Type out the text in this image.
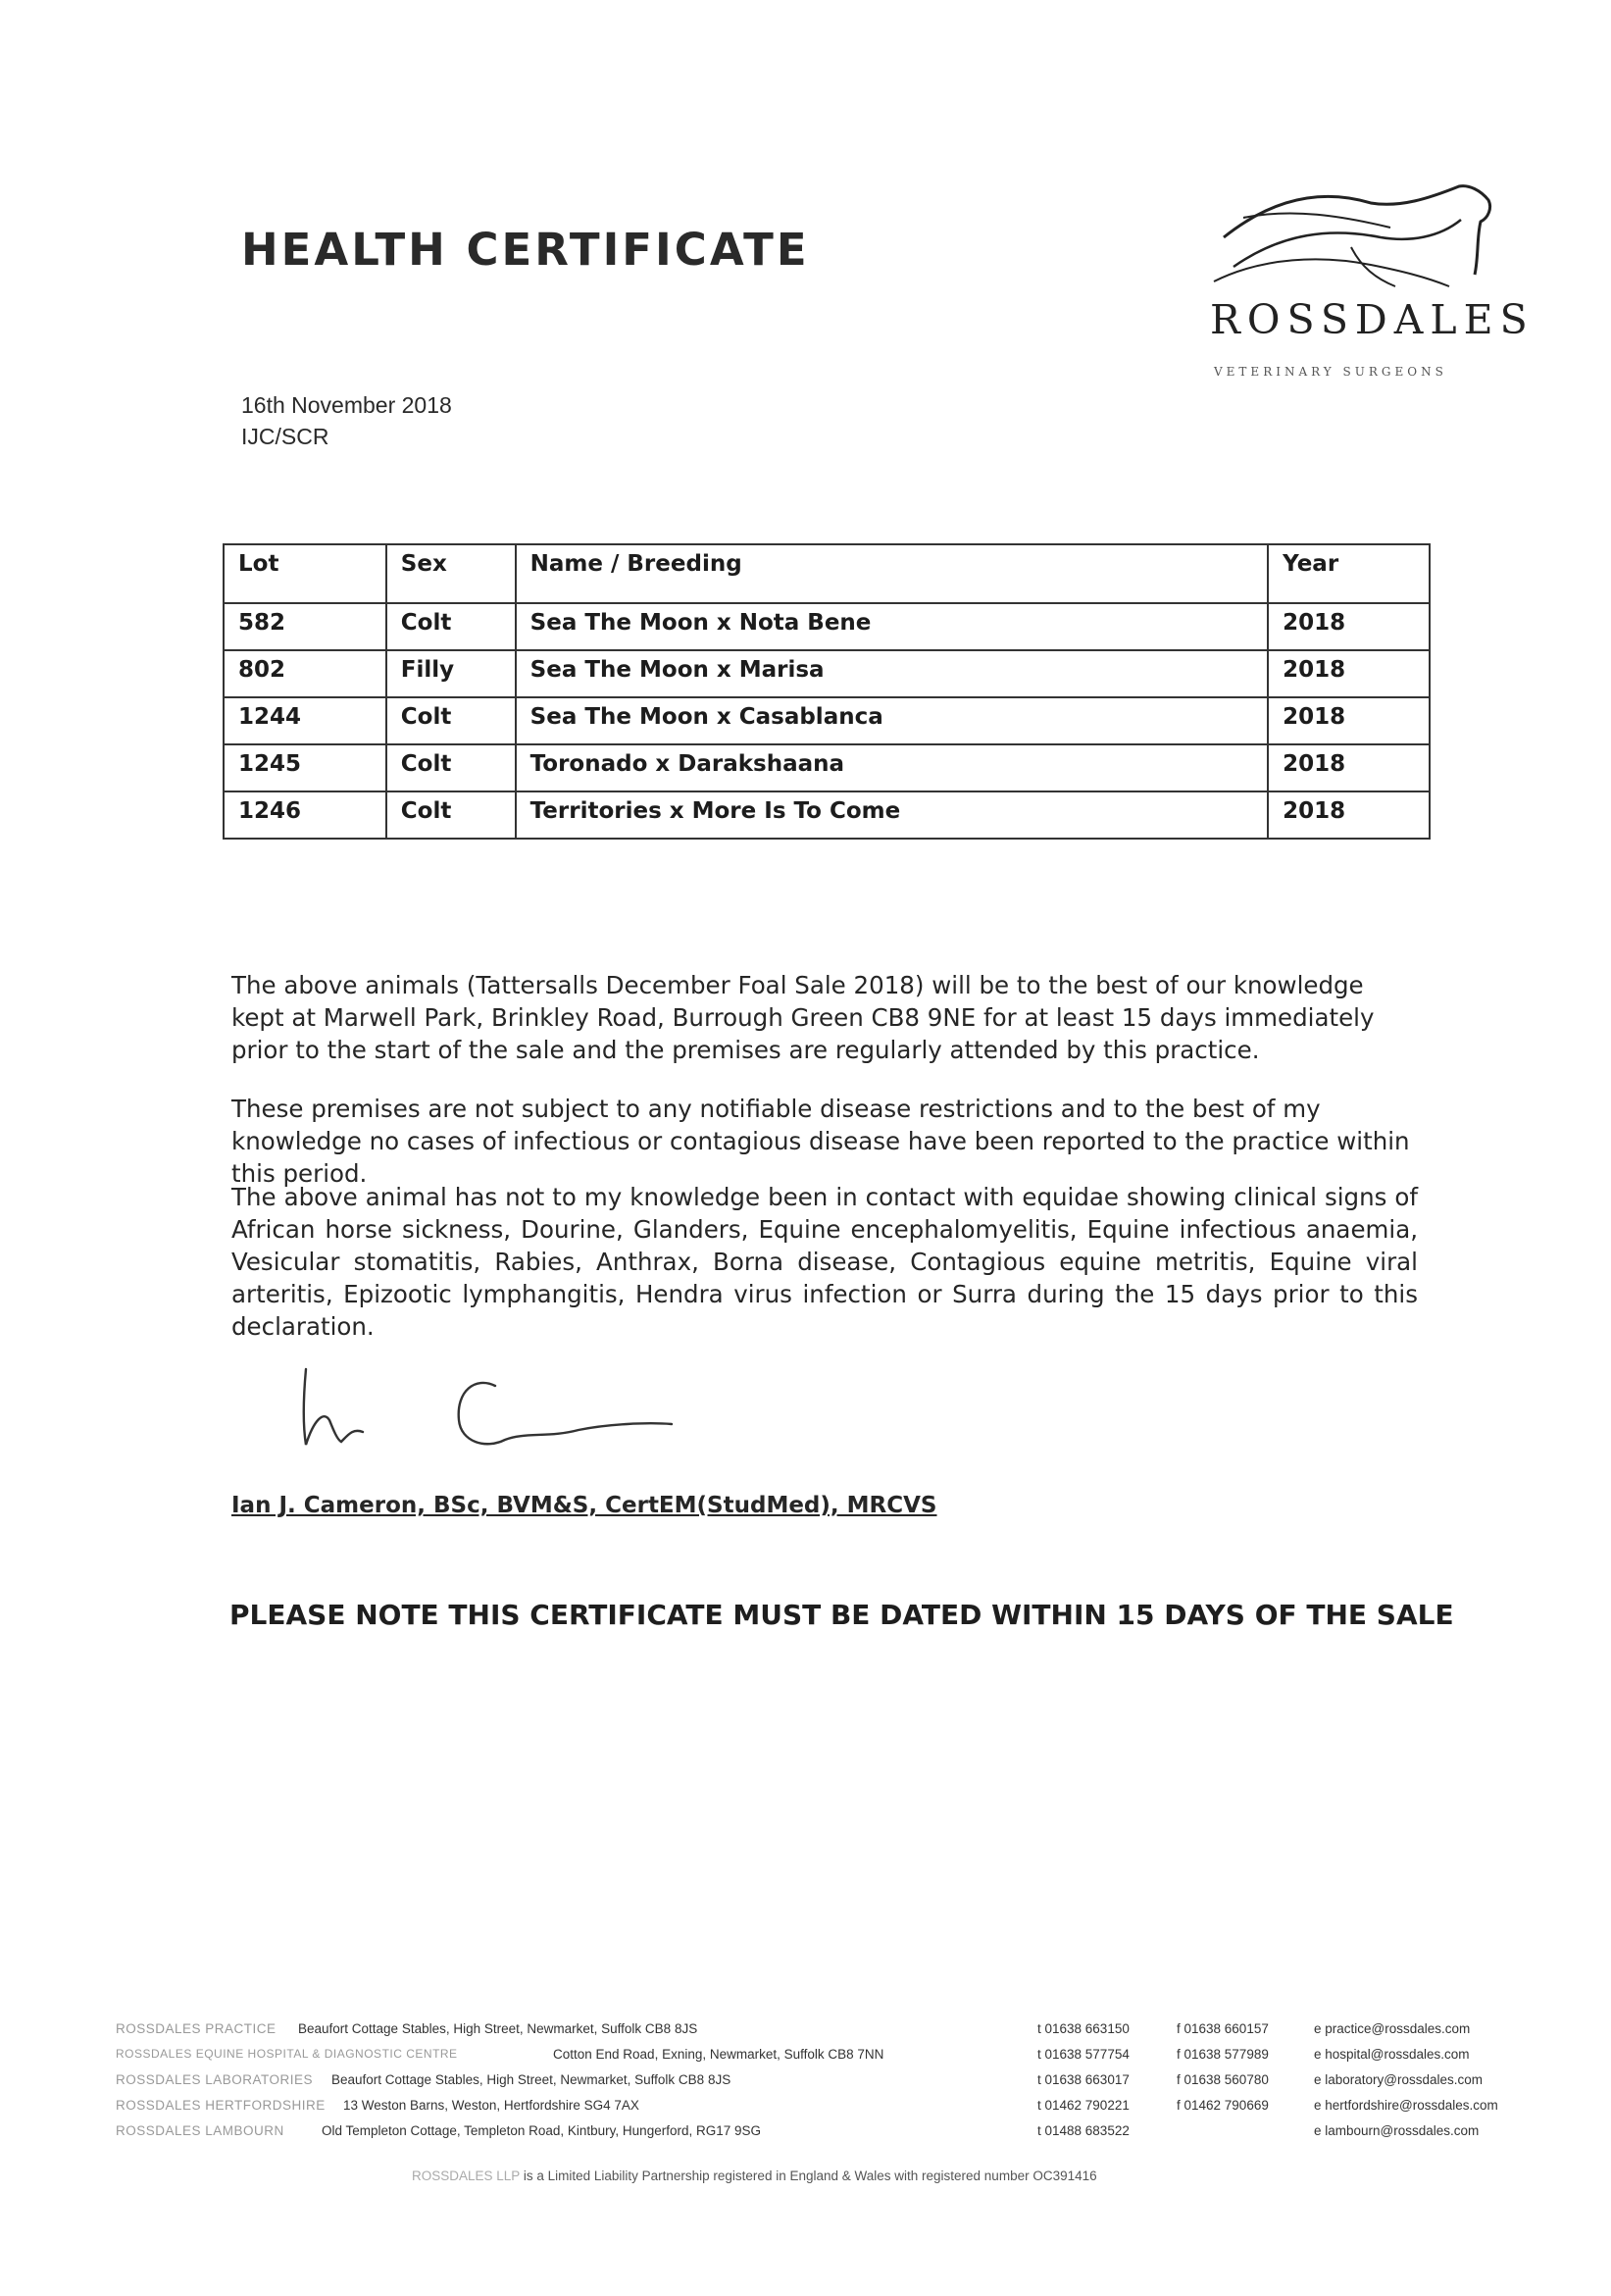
HEALTH CERTIFICATE
ROSSDALES
VETERINARY SURGEONS
16th November 2018
IJC/SCR
Lot	Sex	Name / Breeding	Year
582	Colt	Sea The Moon x Nota Bene	2018
802	Filly	Sea The Moon x Marisa	2018
1244	Colt	Sea The Moon x Casablanca	2018
1245	Colt	Toronado x Darakshaana	2018
1246	Colt	Territories x More Is To Come	2018
The above animals (Tattersalls December Foal Sale 2018) will be to the best of our knowledge kept at Marwell Park, Brinkley Road, Burrough Green CB8 9NE for at least 15 days immediately prior to the start of the sale and the premises are regularly attended by this practice.
These premises are not subject to any notifiable disease restrictions and to the best of my knowledge no cases of infectious or contagious disease have been reported to the practice within this period.
The above animal has not to my knowledge been in contact with equidae showing clinical signs of African horse sickness, Dourine, Glanders, Equine encephalomyelitis, Equine infectious anaemia, Vesicular stomatitis, Rabies, Anthrax, Borna disease, Contagious equine metritis, Equine viral arteritis, Epizootic lymphangitis, Hendra virus infection or Surra during the 15 days prior to this declaration.
Ian J. Cameron, BSc, BVM&S, CertEM(StudMed), MRCVS
PLEASE NOTE THIS CERTIFICATE MUST BE DATED WITHIN 15 DAYS OF THE SALE
ROSSDALES PRACTICE Beaufort Cottage Stables, High Street, Newmarket, Suffolk CB8 8JS	t 01638 663150	f 01638 660157	e practice@rossdales.com
ROSSDALES EQUINE HOSPITAL & DIAGNOSTIC CENTRE	Cotton End Road, Exning, Newmarket, Suffolk CB8 7NN	t 01638 577754	f 01638 577989	e hospital@rossdales.com
ROSSDALES LABORATORIES Beaufort Cottage Stables, High Street, Newmarket, Suffolk CB8 8JS	t 01638 663017	f 01638 560780	e laboratory@rossdales.com
ROSSDALES HERTFORDSHIRE 13 Weston Barns, Weston, Hertfordshire SG4 7AX	t 01462 790221	f 01462 790669	e hertfordshire@rossdales.com
ROSSDALES LAMBOURN	Old Templeton Cottage, Templeton Road, Kintbury, Hungerford, RG17 9SG	t 01488 683522	e lambourn@rossdales.com
ROSSDALES LLP is a Limited Liability Partnership registered in England & Wales with registered number OC391416
